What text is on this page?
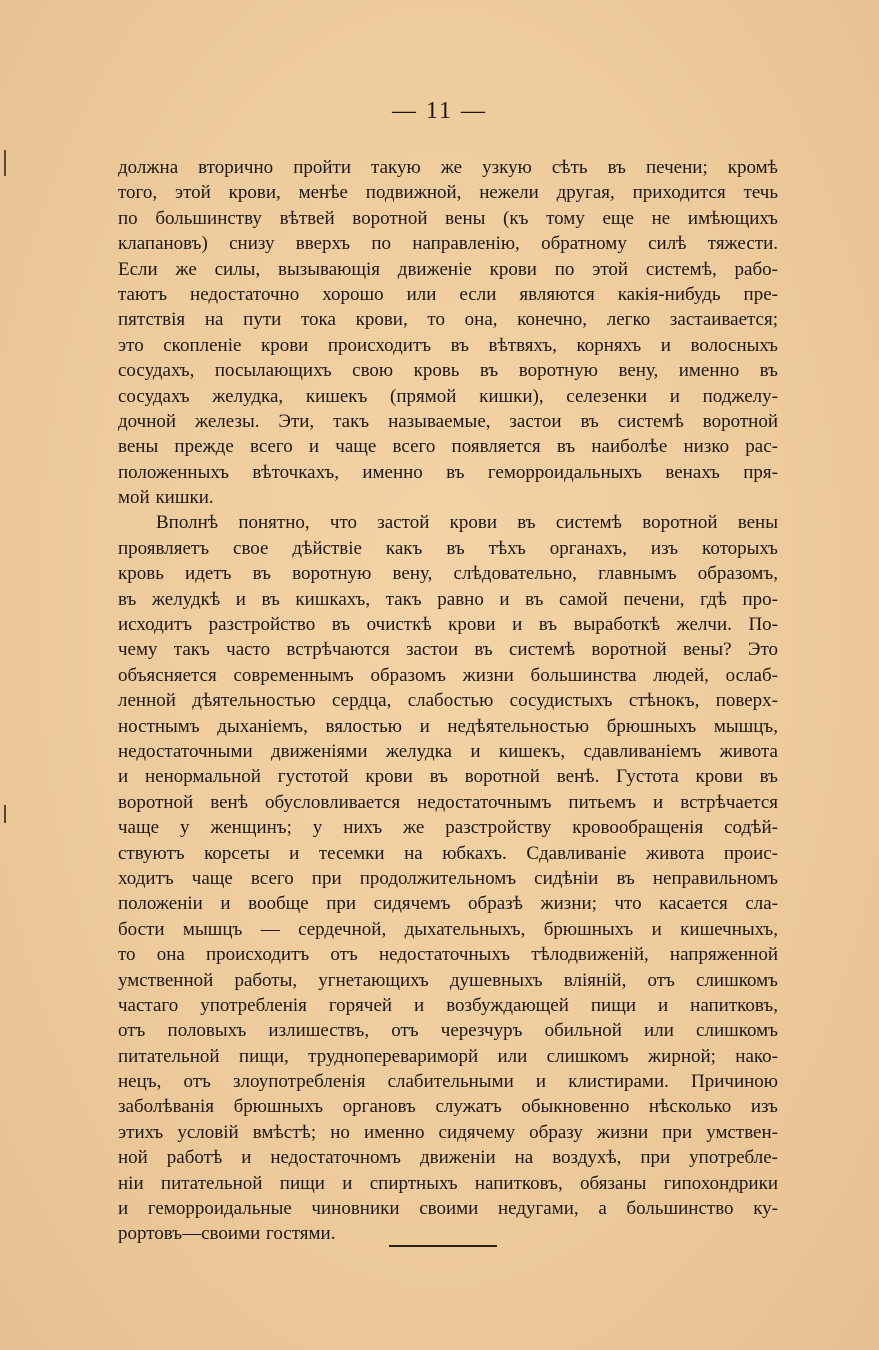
— 11 —
должна вторично пройти такую же узкую сѣть въ печени; кромѣ
того, этой крови, менѣе подвижной, нежели другая, приходится течь
по большинству вѣтвей воротной вены (къ тому еще не имѣющихъ
клапановъ) снизу вверхъ по направленію, обратному силѣ тяжести.
Если же силы, вызывающія движеніе крови по этой системѣ, рабо-
таютъ недостаточно хорошо или если являются какія-нибудь пре-
пятствія на пути тока крови, то она, конечно, легко застаивается;
это скопленіе крови происходитъ въ вѣтвяхъ, корняхъ и волосныхъ
сосудахъ, посылающихъ свою кровь въ воротную вену, именно въ
сосудахъ желудка, кишекъ (прямой кишки), селезенки и поджелу-
дочной железы. Эти, такъ называемые, застои въ системѣ воротной
вены прежде всего и чаще всего появляется въ наиболѣе низко рас-
положенныхъ вѣточкахъ, именно въ геморроидальныхъ венахъ пря-
мой кишки.
Вполнѣ понятно, что застой крови въ системѣ воротной вены
проявляетъ свое дѣйствіе какъ въ тѣхъ органахъ, изъ которыхъ
кровь идетъ въ воротную вену, слѣдовательно, главнымъ образомъ,
въ желудкѣ и въ кишкахъ, такъ равно и въ самой печени, гдѣ про-
исходитъ разстройство въ очисткѣ крови и въ выработкѣ желчи. По-
чему такъ часто встрѣчаются застои въ системѣ воротной вены? Это
объясняется современнымъ образомъ жизни большинства людей, ослаб-
ленной дѣятельностью сердца, слабостью сосудистыхъ стѣнокъ, поверх-
ностнымъ дыханіемъ, вялостью и недѣятельностью брюшныхъ мышцъ,
недостаточными движеніями желудка и кишекъ, сдавливаніемъ живота
и ненормальной густотой крови въ воротной венѣ. Густота крови въ
воротной венѣ обусловливается недостаточнымъ питьемъ и встрѣчается
чаще у женщинъ; у нихъ же разстройству кровообращенія содѣй-
ствуютъ корсеты и тесемки на юбкахъ. Сдавливаніе живота проис-
ходитъ чаще всего при продолжительномъ сидѣніи въ неправильномъ
положеніи и вообще при сидячемъ образѣ жизни; что касается сла-
бости мышцъ — сердечной, дыхательныхъ, брюшныхъ и кишечныхъ,
то она происходитъ отъ недостаточныхъ тѣлодвиженій, напряженной
умственной работы, угнетающихъ душевныхъ вліяній, отъ слишкомъ
частаго употребленія горячей и возбуждающей пищи и напитковъ,
отъ половыхъ излишествъ, отъ черезчуръ обильной или слишкомъ
питательной пищи, трудноперевариморй или слишкомъ жирной; нако-
нецъ, отъ злоупотребленія слабительными и клистирами. Причиною
заболѣванія брюшныхъ органовъ служатъ обыкновенно нѣсколько изъ
этихъ условій вмѣстѣ; но именно сидячему образу жизни при умствен-
ной работѣ и недостаточномъ движеніи на воздухѣ, при употребле-
ніи питательной пищи и спиртныхъ напитковъ, обязаны гипохондрики
и геморроидальные чиновники своими недугами, а большинство ку-
рортовъ—своими гостями.
